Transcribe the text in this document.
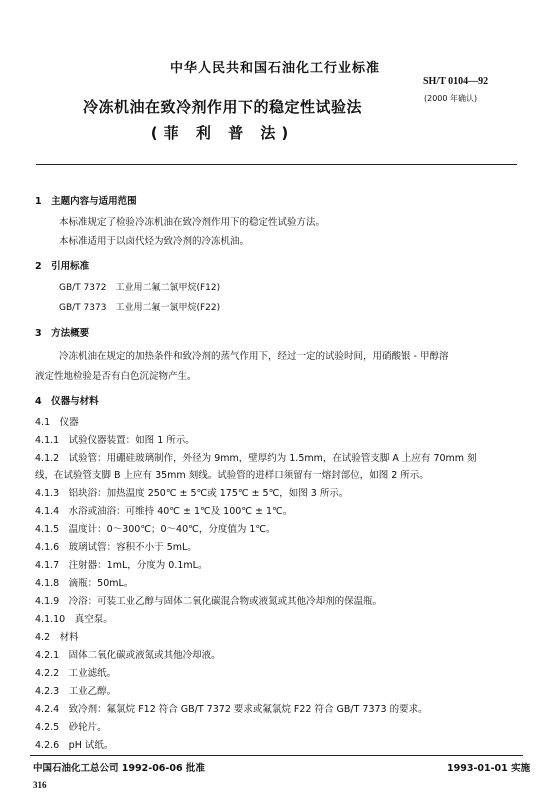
中华人民共和国石油化工行业标准
SH/T 0104—92
(2000 年确认)
冷冻机油在致冷剂作用下的稳定性试验法
(菲 利 普 法)
1　主题内容与适用范围
本标准规定了检验冷冻机油在致冷剂作用下的稳定性试验方法。
本标准适用于以卤代烃为致冷剂的冷冻机油。
2　引用标准
GB/T 7372　工业用二氟二氯甲烷(F12)
GB/T 7373　工业用二氟一氯甲烷(F22)
3　方法概要
冷冻机油在规定的加热条件和致冷剂的蒸气作用下，经过一定的试验时间，用硝酸银 - 甲醇溶
液定性地检验是否有白色沉淀物产生。
4　仪器与材料
4.1　仪器
4.1.1　试验仪器装置：如图 1 所示。
4.1.2　试验管：用硼硅玻璃制作，外径为 9mm，壁厚约为 1.5mm，在试验管支脚 A 上应有 70mm 刻
线，在试验管支脚 B 上应有 35mm 刻线。试验管的进样口须留有一熔封部位，如图 2 所示。
4.1.3　铝块浴：加热温度 250℃ ± 5℃或 175℃ ± 5℃，如图 3 所示。
4.1.4　水浴或油浴：可维持 40℃ ± 1℃及 100℃ ± 1℃。
4.1.5　温度计：0～300℃；0～40℃，分度值为 1℃。
4.1.6　玻璃试管：容积不小于 5mL。
4.1.7　注射器：1mL，分度为 0.1mL。
4.1.8　滴瓶：50mL。
4.1.9　冷浴：可装工业乙醇与固体二氧化碳混合物或液氮或其他冷却剂的保温瓶。
4.1.10　真空泵。
4.2　材料
4.2.1　固体二氧化碳或液氮或其他冷却液。
4.2.2　工业滤纸。
4.2.3　工业乙醇。
4.2.4　致冷剂：氟氯烷 F12 符合 GB/T 7372 要求或氟氯烷 F22 符合 GB/T 7373 的要求。
4.2.5　砂轮片。
4.2.6　pH 试纸。
中国石油化工总公司 1992-06-06 批准	1993-01-01 实施
316
